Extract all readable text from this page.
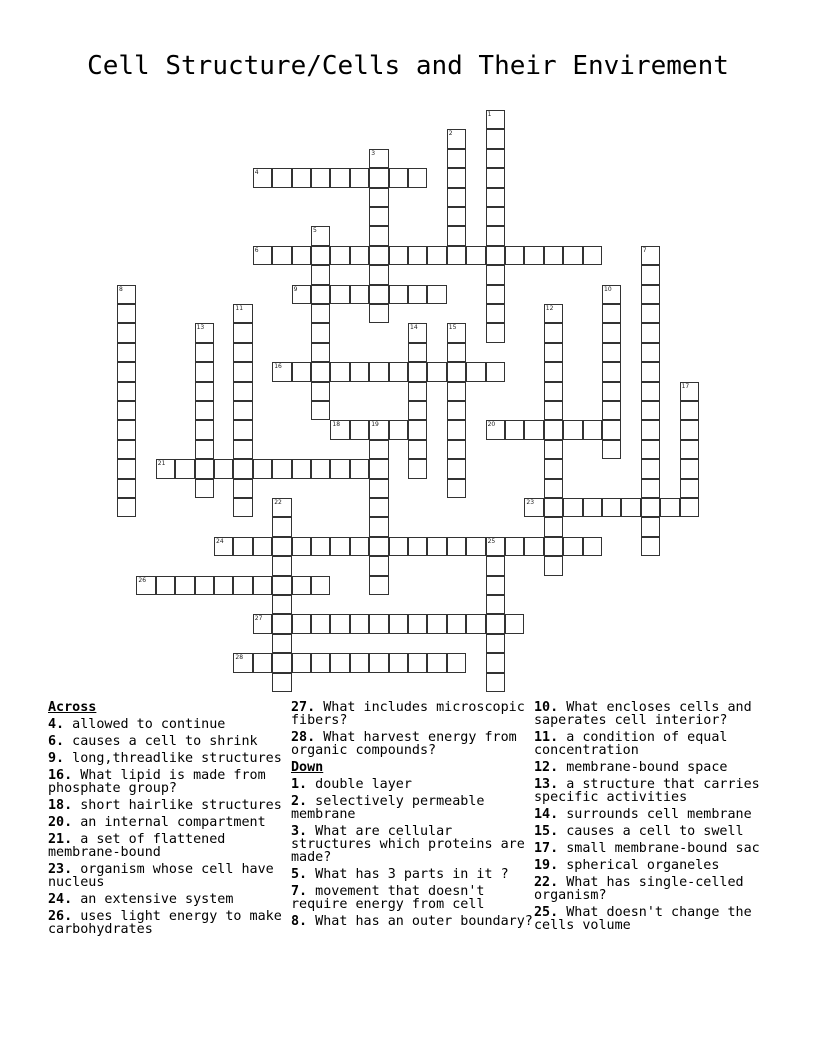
Cell Structure/Cells and Their Envirement
4
6
9
16
18	19	20
21
23
24	25
26
27
28
1
2
3
5
7
8	10
11	12
13	14	15
17
22
Across
4. allowed to continue
6. causes a cell to shrink
9. long,threadlike structures
16. What lipid is made from phosphate group?
18. short hairlike structures
20. an internal compartment
21. a set of flattened membrane-bound
23. organism whose cell have nucleus
24. an extensive system
26. uses light energy to make carbohydrates
27. What includes microscopic fibers?
28. What harvest energy from organic compounds?
Down
1. double layer
2. selectively permeable membrane
3. What are cellular structures which proteins are made?
5. What has 3 parts in it ?
7. movement that doesn't require energy from cell
8. What has an outer boundary?
10. What encloses cells and saperates cell interior?
11. a condition of equal concentration
12. membrane-bound space
13. a structure that carries specific activities
14. surrounds cell membrane
15. causes a cell to swell
17. small membrane-bound sac
19. spherical organeles
22. What has single-celled organism?
25. What doesn't change the cells volume
